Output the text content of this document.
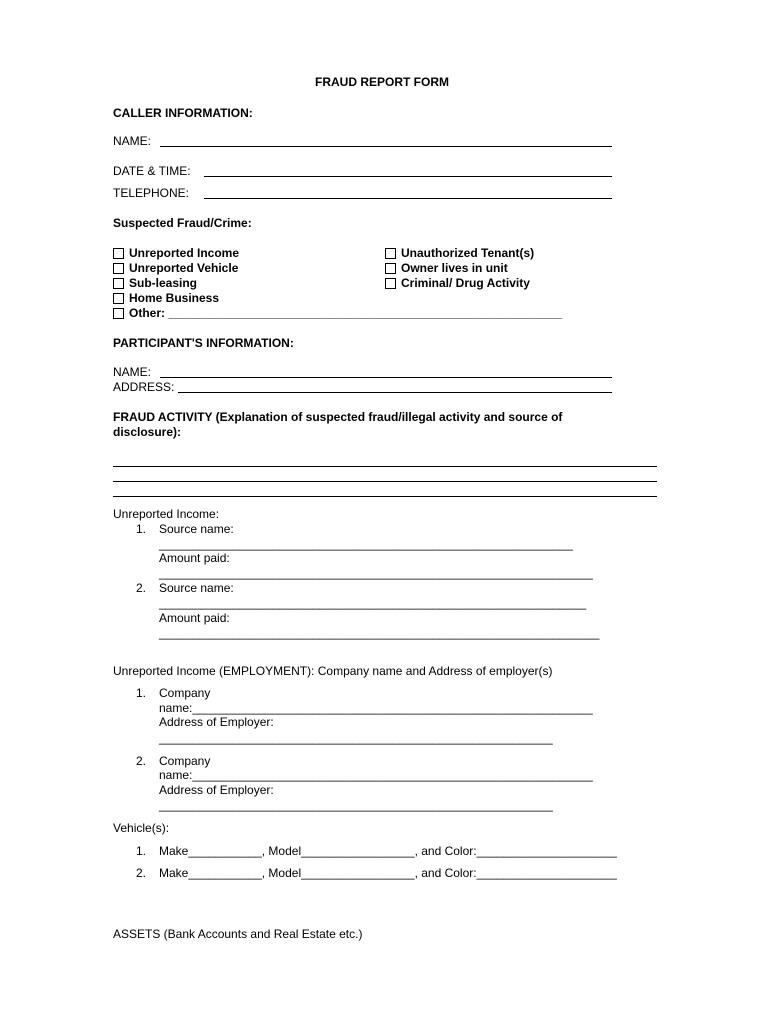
FRAUD REPORT FORM
CALLER INFORMATION:
NAME:
DATE & TIME:
TELEPHONE:
Suspected Fraud/Crime:
Unreported Income
Unreported Vehicle
Sub-leasing
Home Business
Other: ___________________________________________________________
Unauthorized Tenant(s)
Owner lives in unit
Criminal/ Drug Activity
PARTICIPANT'S INFORMATION:
NAME:
ADDRESS:
FRAUD ACTIVITY (Explanation of suspected fraud/illegal activity and source of
disclosure):
Unreported Income:
1. Source name:
______________________________________________________________
Amount paid:
_________________________________________________________________
2. Source name:
________________________________________________________________
Amount paid:
__________________________________________________________________
Unreported Income (EMPLOYMENT): Company name and Address of employer(s)
1. Company
name:____________________________________________________________
Address of Employer:
___________________________________________________________
2. Company
name:____________________________________________________________
Address of Employer:
___________________________________________________________
Vehicle(s):
1. Make___________, Model_________________, and Color:_____________________
2. Make___________, Model_________________, and Color:_____________________
ASSETS (Bank Accounts and Real Estate etc.)
